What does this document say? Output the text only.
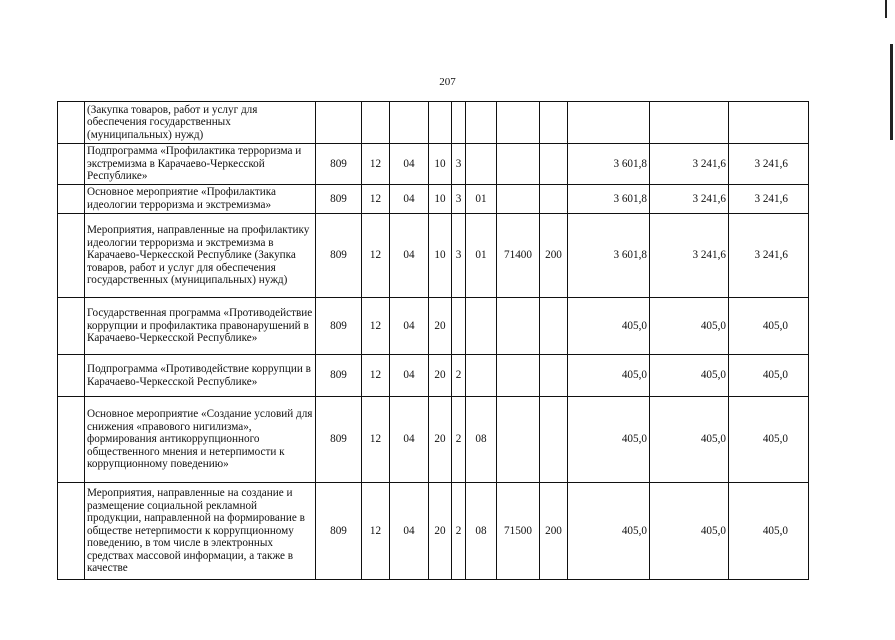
207
	(Закупка товаров, работ и услуг для обеспечения государственных (муниципальных) нужд)											
	Подпрограмма «Профилактика терроризма и экстремизма в Карачаево-Черкесской Республике»	809	12	04	10	3				3 601,8	3 241,6	3 241,6
	Основное мероприятие «Профилактика идеологии терроризма и экстремизма»	809	12	04	10	3	01			3 601,8	3 241,6	3 241,6
	Мероприятия, направленные на профилактику идеологии терроризма и экстремизма в Карачаево-Черкесской Республике (Закупка товаров, работ и услуг для обеспечения государственных (муниципальных) нужд)	809	12	04	10	3	01	71400	200	3 601,8	3 241,6	3 241,6
	Государственная программа «Противодействие коррупции и профилактика правонарушений в Карачаево-Черкесской Республике»	809	12	04	20					405,0	405,0	405,0
	Подпрограмма «Противодействие коррупции в Карачаево-Черкесской Республике»	809	12	04	20	2				405,0	405,0	405,0
	Основное мероприятие «Создание условий для снижения «правового нигилизма», формирования антикоррупционного общественного мнения и нетерпимости к коррупционному поведению»	809	12	04	20	2	08			405,0	405,0	405,0
	Мероприятия, направленные на создание и размещение социальной рекламной продукции, направленной на формирование в обществе нетерпимости к коррупционному поведению, в том числе в электронных средствах массовой информации, а также в качестве	809	12	04	20	2	08	71500	200	405,0	405,0	405,0
